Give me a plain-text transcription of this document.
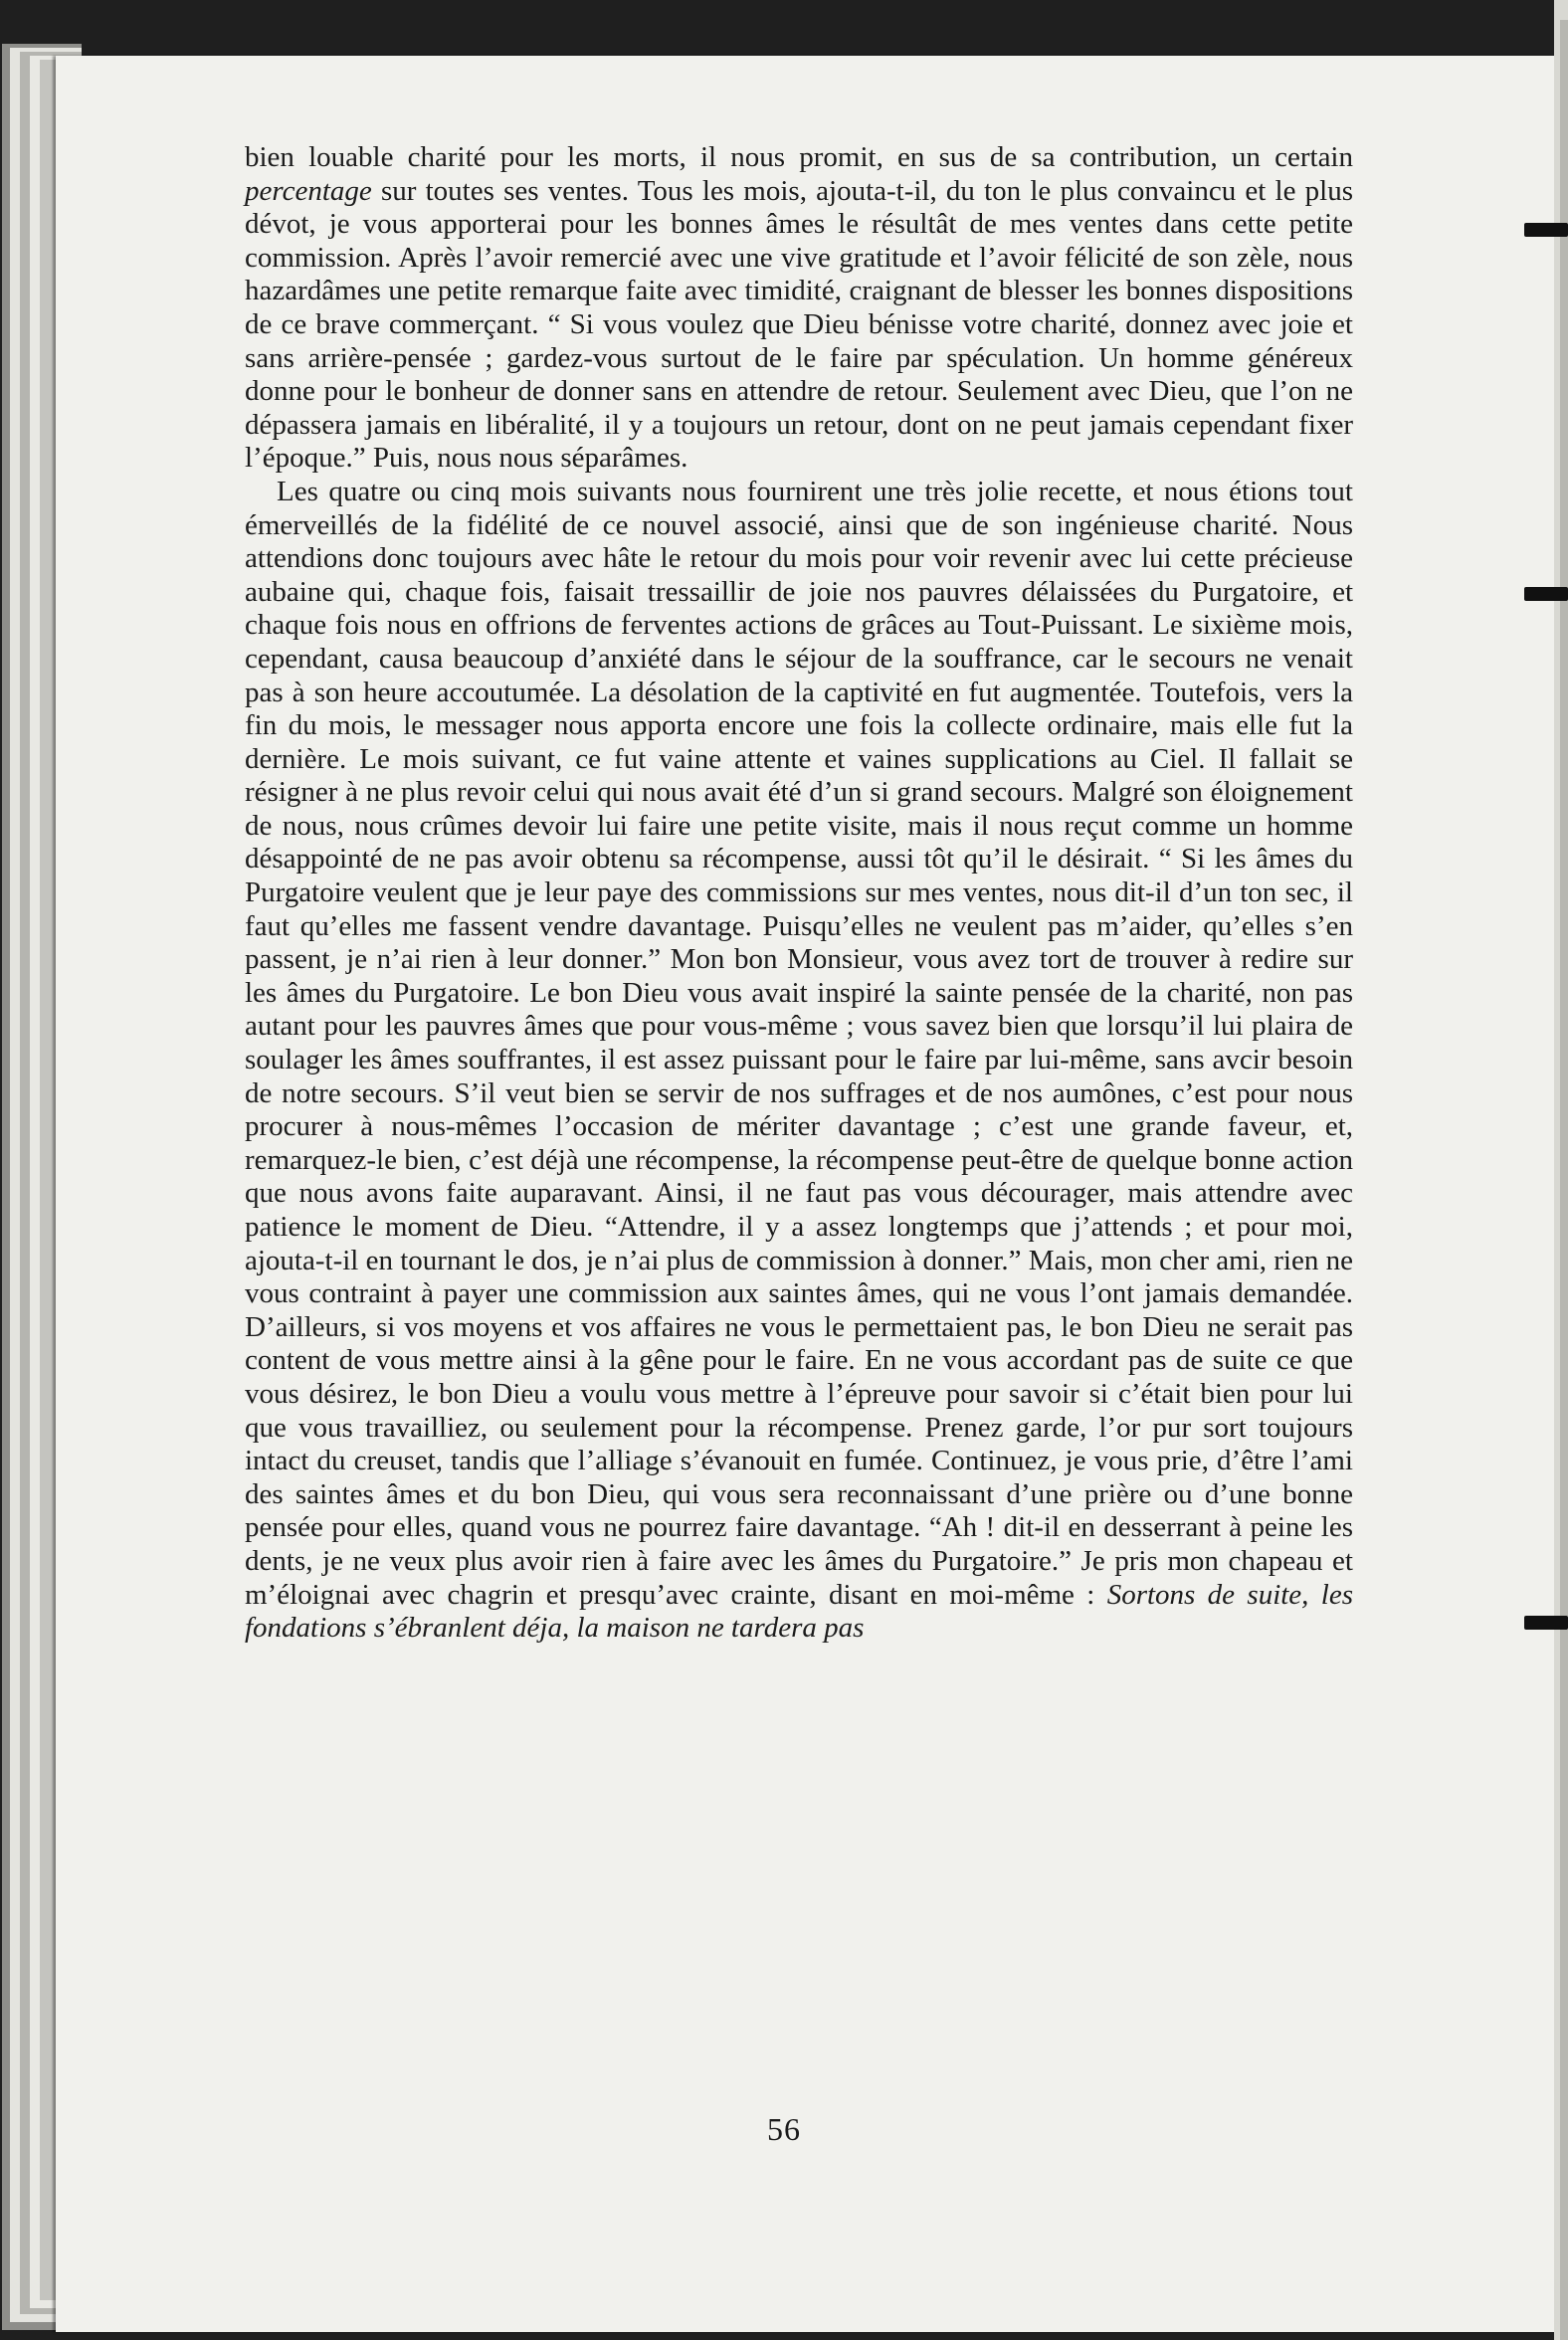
bien louable charité pour les morts, il nous promit, en sus de sa contribution, un certain percentage sur toutes ses ventes. Tous les mois, ajouta-t-il, du ton le plus convaincu et le plus dévot, je vous apporterai pour les bonnes âmes le résultât de mes ventes dans cette petite commission. Après l’avoir remercié avec une vive gratitude et l’avoir félicité de son zèle, nous hazardâmes une petite remarque faite avec timidité, craignant de blesser les bonnes dispositions de ce brave commerçant. “ Si vous voulez que Dieu bénisse votre charité, donnez avec joie et sans arrière-pensée ; gardez-vous surtout de le faire par spéculation. Un homme généreux donne pour le bonheur de donner sans en attendre de retour. Seulement avec Dieu, que l’on ne dépassera jamais en libéralité, il y a toujours un retour, dont on ne peut jamais cependant fixer l’époque.” Puis, nous nous séparâmes.

Les quatre ou cinq mois suivants nous fournirent une très jolie recette, et nous étions tout émerveillés de la fidélité de ce nouvel associé, ainsi que de son ingénieuse charité. Nous attendions donc toujours avec hâte le retour du mois pour voir revenir avec lui cette précieuse aubaine qui, chaque fois, faisait tressaillir de joie nos pauvres délaissées du Purgatoire, et chaque fois nous en offrions de ferventes actions de grâces au Tout-Puissant. Le sixième mois, cependant, causa beaucoup d’anxiété dans le séjour de la souffrance, car le secours ne venait pas à son heure accoutumée. La désolation de la captivité en fut augmentée. Toutefois, vers la fin du mois, le messager nous apporta encore une fois la collecte ordinaire, mais elle fut la dernière. Le mois suivant, ce fut vaine attente et vaines supplications au Ciel. Il fallait se résigner à ne plus revoir celui qui nous avait été d’un si grand secours. Malgré son éloignement de nous, nous crûmes devoir lui faire une petite visite, mais il nous reçut comme un homme désappointé de ne pas avoir obtenu sa récompense, aussi tôt qu’il le désirait. “ Si les âmes du Purgatoire veulent que je leur paye des commissions sur mes ventes, nous dit-il d’un ton sec, il faut qu’elles me fassent vendre davantage. Puisqu’elles ne veulent pas m’aider, qu’elles s’en passent, je n’ai rien à leur donner.” Mon bon Monsieur, vous avez tort de trouver à redire sur les âmes du Purgatoire. Le bon Dieu vous avait inspiré la sainte pensée de la charité, non pas autant pour les pauvres âmes que pour vous-même ; vous savez bien que lorsqu’il lui plaira de soulager les âmes souffrantes, il est assez puissant pour le faire par lui-même, sans avcir besoin de notre secours. S’il veut bien se servir de nos suffrages et de nos aumônes, c’est pour nous procurer à nous-mêmes l’occasion de mériter davantage ; c’est une grande faveur, et, remarquez-le bien, c’est déjà une récompense, la récompense peut-être de quelque bonne action que nous avons faite auparavant. Ainsi, il ne faut pas vous décourager, mais attendre avec patience le moment de Dieu. “Attendre, il y a assez longtemps que j’attends ; et pour moi, ajouta-t-il en tournant le dos, je n’ai plus de commission à donner.” Mais, mon cher ami, rien ne vous contraint à payer une commission aux saintes âmes, qui ne vous l’ont jamais demandée. D’ailleurs, si vos moyens et vos affaires ne vous le permettaient pas, le bon Dieu ne serait pas content de vous mettre ainsi à la gêne pour le faire. En ne vous accordant pas de suite ce que vous désirez, le bon Dieu a voulu vous mettre à l’épreuve pour savoir si c’était bien pour lui que vous travailliez, ou seulement pour la récompense. Prenez garde, l’or pur sort toujours intact du creuset, tandis que l’alliage s’évanouit en fumée. Continuez, je vous prie, d’être l’ami des saintes âmes et du bon Dieu, qui vous sera reconnaissant d’une prière ou d’une bonne pensée pour elles, quand vous ne pourrez faire davantage. “Ah ! dit-il en desserrant à peine les dents, je ne veux plus avoir rien à faire avec les âmes du Purgatoire.” Je pris mon chapeau et m’éloignai avec chagrin et presqu’avec crainte, disant en moi-même : Sortons de suite, les fondations s’ébranlent déja, la maison ne tardera pas

56
